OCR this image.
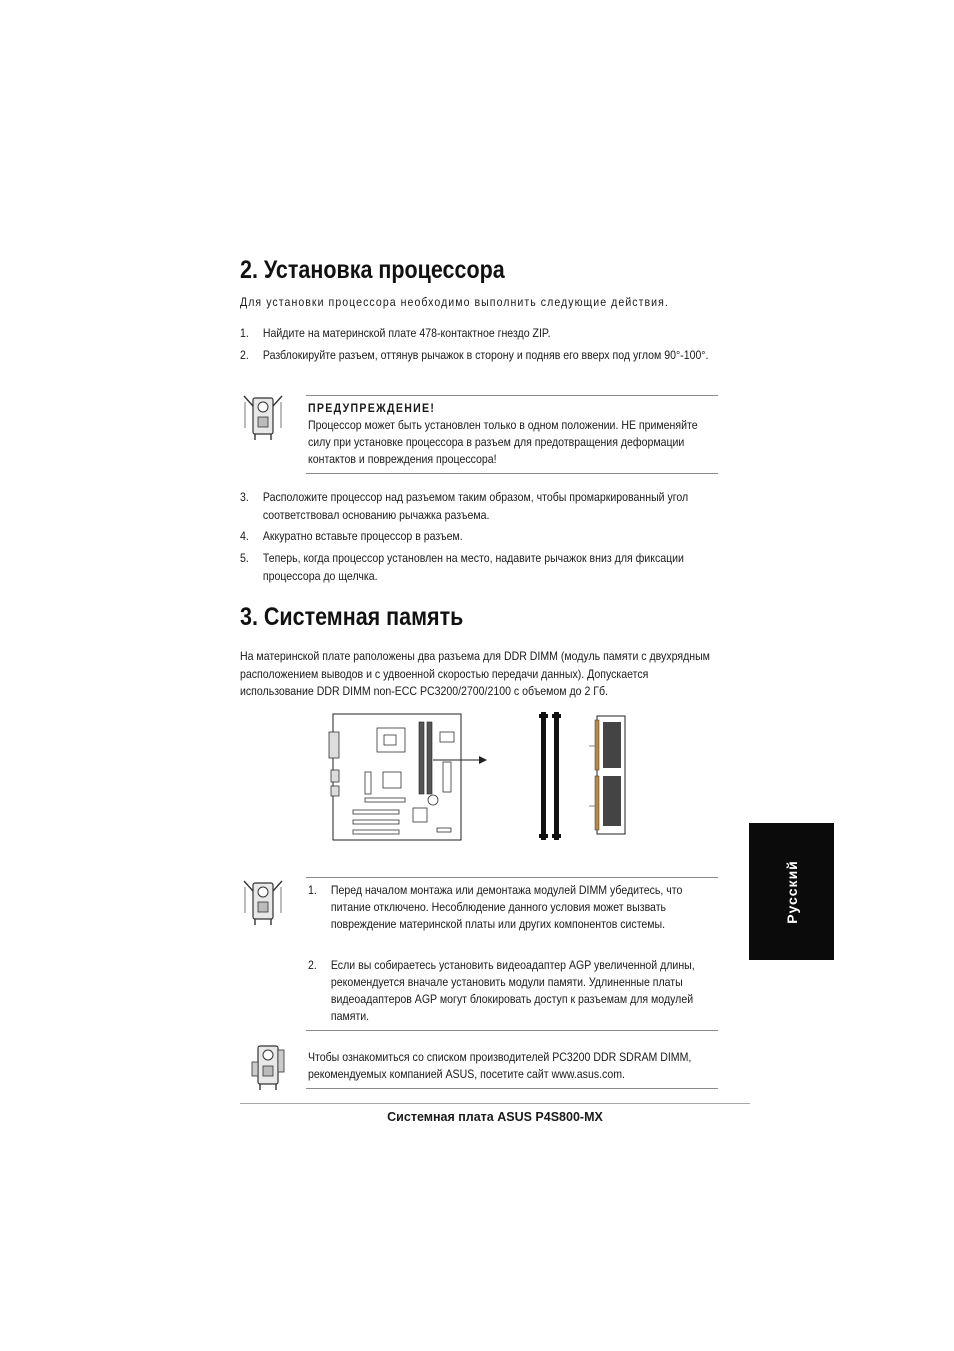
2. Установка процессора
Для установки процессора необходимо выполнить следующие действия.
1. Найдите на материнской плате 478-контактное гнездо ZIP.
2. Разблокируйте разъем, оттянув рычажок в сторону и подняв его вверх под углом 90°-100°.
ПРЕДУПРЕЖДЕНИЕ!
Процессор может быть установлен только в одном положении. НЕ применяйте силу при установке процессора в разъем для предотвращения деформации контактов и повреждения процессора!
3. Расположите процессор над разъемом таким образом, чтобы промаркированный угол соответствовал основанию рычажка разъема.
4. Аккуратно вставьте процессор в разъем.
5. Теперь, когда процессор установлен на место, надавите рычажок вниз для фиксации процессора до щелчка.
3. Системная память
На материнской плате раположены два разъема для DDR DIMM (модуль памяти с двухрядным расположением выводов и с удвоенной скоростью передачи данных). Допускается использование DDR DIMM non-ECC PC3200/2700/2100 с объемом до 2 Гб.
1. Перед началом монтажа или демонтажа модулей DIMM убедитесь, что питание отключено. Несоблюдение данного условия может вызвать повреждение материнской платы или других компонентов системы.
2. Если вы собираетесь установить видеоадаптер AGP увеличенной длины, рекомендуется вначале установить модули памяти. Удлиненные платы видеоадаптеров AGP могут блокировать доступ к разъемам для модулей памяти.
Чтобы ознакомиться со списком производителей PC3200 DDR SDRAM DIMM, рекомендуемых компанией ASUS, посетите сайт www.asus.com.
Системная плата ASUS P4S800-MX
Русский
